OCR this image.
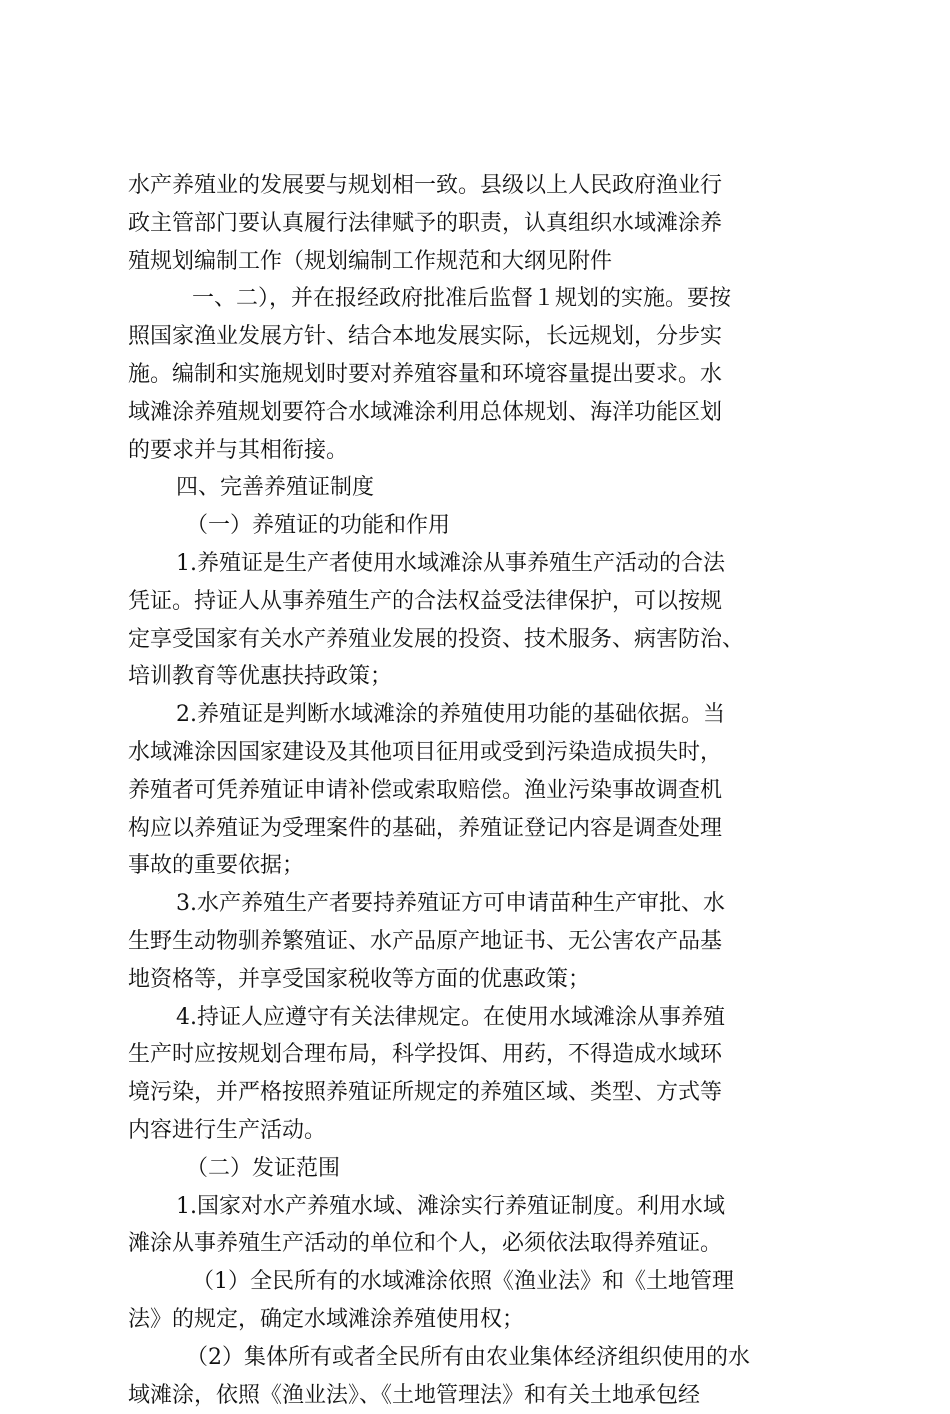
水产养殖业的发展要与规划相一致。县级以上人民政府渔业行
政主管部门要认真履行法律赋予的职责，认真组织水域滩涂养
殖规划编制工作（规划编制工作规范和大纲见附件
一、二），并在报经政府批准后监督１规划的实施。要按
照国家渔业发展方针、结合本地发展实际，长远规划，分步实
施。编制和实施规划时要对养殖容量和环境容量提出要求。水
域滩涂养殖规划要符合水域滩涂利用总体规划、海洋功能区划
的要求并与其相衔接。
四、完善养殖证制度
（一）养殖证的功能和作用
1.养殖证是生产者使用水域滩涂从事养殖生产活动的合法
凭证。持证人从事养殖生产的合法权益受法律保护，可以按规
定享受国家有关水产养殖业发展的投资、技术服务、病害防治、
培训教育等优惠扶持政策；
2.养殖证是判断水域滩涂的养殖使用功能的基础依据。当
水域滩涂因国家建设及其他项目征用或受到污染造成损失时，
养殖者可凭养殖证申请补偿或索取赔偿。渔业污染事故调查机
构应以养殖证为受理案件的基础，养殖证登记内容是调查处理
事故的重要依据；
3.水产养殖生产者要持养殖证方可申请苗种生产审批、水
生野生动物驯养繁殖证、水产品原产地证书、无公害农产品基
地资格等，并享受国家税收等方面的优惠政策；
4.持证人应遵守有关法律规定。在使用水域滩涂从事养殖
生产时应按规划合理布局，科学投饵、用药，不得造成水域环
境污染，并严格按照养殖证所规定的养殖区域、类型、方式等
内容进行生产活动。
（二）发证范围
1.国家对水产养殖水域、滩涂实行养殖证制度。利用水域
滩涂从事养殖生产活动的单位和个人，必须依法取得养殖证。
（1）全民所有的水域滩涂依照《渔业法》和《土地管理
法》的规定，确定水域滩涂养殖使用权；
（2）集体所有或者全民所有由农业集体经济组织使用的水
域滩涂，依照《渔业法》、《土地管理法》和有关土地承包经
